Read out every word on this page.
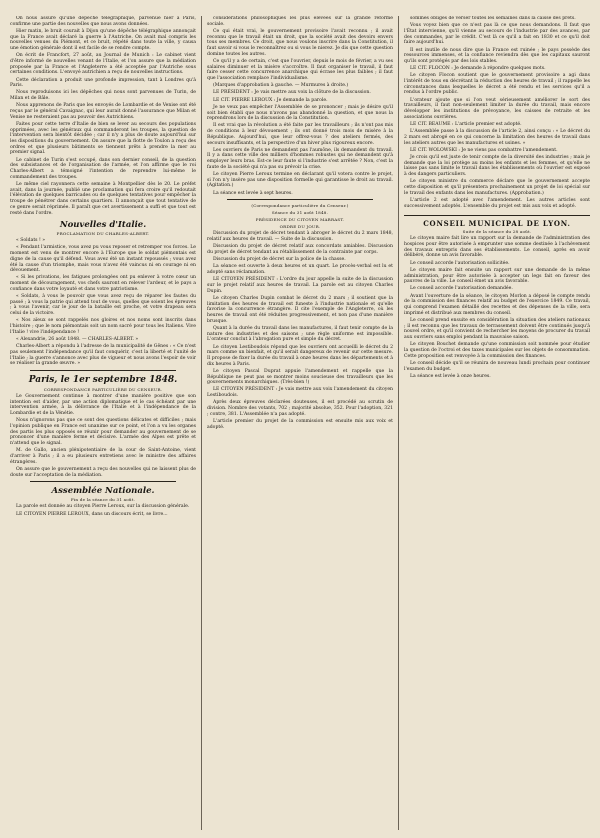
On nous assure qu'une dépêche télégraphique, parvenue hier à Paris, confirme une partie des nouvelles que nous avons données.

Hier matin, le bruit courait à Dijon qu'une dépêche télégraphique annonçait que la France avait déclaré la guerre à l'Autriche. On avait mal compris les nouvelles venues du Piémont, et ce bruit, répété dans toute la ville, y causa une émotion générale dont il est facile de se rendre compte.

On écrit de Francfort, 27 août, au Journal de Munich : Le cabinet vient d'être informé de nouvelles venant de l'Italie, et l'on assure que la médiation proposée par la France et l'Angleterre a été acceptée par l'Autriche sous certaines conditions. L'envoyé autrichien a reçu de nouvelles instructions.

Cette déclaration a produit une profonde impression, tant à Londres qu'à Paris.

Nous reproduisons ici les dépêches qui nous sont parvenues de Turin, de Milan et de Bâle.

Nous apprenons de Paris que les envoyés de Lombardie et de Venise ont été reçus par le général Cavaignac, qui leur aurait donné l'assurance que Milan et Venise ne resteraient pas au pouvoir des Autrichiens.

Faites pour cette terre d'Italie de bien se lever au secours des populations opprimées, avec les généraux qui commanderont les troupes, la question de l'intervention sera bientôt décidée ; car il n'y a plus de doute aujourd'hui sur les dispositions du gouvernement. On assure que la flotte de Toulon a reçu des ordres et que plusieurs bâtiments se tiennent prêts à prendre la mer au premier signal.

Le cabinet de Turin s'est occupé, dans son dernier conseil, de la question des subsistances et de l'organisation de l'armée, et l'on affirme que le roi Charles-Albert a témoigné l'intention de reprendre lui-même le commandement des troupes.

Le même ciel rayonnera cette semaine à Montpellier dès le 20. Le préfet avait, dans la journée, publié une proclamation qui fera croire qu'il redoutait l'élévation de quelques barricades ou de quelques tentatives pour empêcher la troupe de pénétrer dans certains quartiers. Il annonçait que tout tentative de ce genre serait réprimée. Il paraît que cet avertissement a suffi et que tout est resté dans l'ordre.

Nouvelles d'Italie.
PROCLAMATION DU CHARLES-ALBERT.

« Soldats ! »

« Pendant l'armistice, vous avez pu vous reposer et retremper vos forces. Le moment est venu de montrer encore à l'Europe que le soldat piémontais est digne de la cause qu'il défend. Vous avez été un instant repoussés ; vous avez été la cause d'un triomphe, mais vous n'avez été vaincus ni en courage ni en dévouement.

« Si les privations, les fatigues prolongées ont pu enlever à votre cœur un moment de découragement, vos chefs sauront en relever l'ardeur, et le pays a confiance dans votre loyauté et dans votre patriotisme.

« Soldats, à vous le pouvoir que vous avez reçu de réparer les fautes du passé ; à vous la patrie qui attend tout de vous, quelles que soient les épreuves ; à vous l'avenir, car le jour de la bataille est proche, et votre drapeau sera celui de la victoire.

« Nos aïeux se sont rappelés nos gloires et nos noms sont inscrits dans l'histoire ; que le nom piémontais soit un nom sacré pour tous les Italiens. Vive l'Italie ! vive l'indépendance !

« Alexandrie, 26 août 1848. — CHARLES-ALBERT. »

Charles-Albert a répondu à l'adresse de la municipalité de Gênes : « Ce n'est pas seulement l'indépendance qu'il faut conquérir, c'est la liberté et l'unité de l'Italie ; la guerre s'annonce avec plus de vigueur et nous avons l'espoir de voir se réaliser la grande œuvre. »

Paris, le 1er septembre 1848.
CORRESPONDANCE PARTICULIÈRE DU CENSEUR.

Le Gouvernement continue à montrer d'une manière positive que son intention est d'aider, par une action diplomatique et le cas échéant par une intervention armée, à la délivrance de l'Italie et à l'indépendance de la Lombardie et de la Vénétie.

Nous n'ignorons pas que ce sont des questions délicates et difficiles ; mais l'opinion publique en France est unanime sur ce point, et l'on a vu les organes des partis les plus opposés se réunir pour demander au gouvernement de se prononcer d'une manière ferme et décisive. L'armée des Alpes est prête et n'attend que le signal.

M. de Gallo, ancien plénipotentiaire de la cour de Saint-Antoine, vient d'arriver à Paris ; il a eu plusieurs entretiens avec le ministre des affaires étrangères.

On assure que le gouvernement a reçu des nouvelles qui ne laissent plus de doute sur l'acceptation de la médiation.

Assemblée Nationale.
Fin de la séance du 31 août.

La parole est donnée au citoyen Pierre Leroux, sur la discussion générale.

LE CITOYEN PIERRE LEROUX, dans un discours écrit, se livre...

considérations philosophiques les plus élevées sur la grande réforme sociale.

Ce qui était vrai, le gouvernement provisoire l'avait reconnu ; il avait reconnu que le travail était un droit, que la société avait des devoirs envers tous ses membres. Ce droit, que nous voulons inscrire dans la Constitution, il faut savoir si vous le reconnaîtrez ou si vous le nierez. Je dis que cette question domine toutes les autres.

Ce qu'il y a de certain, c'est que l'ouvrier, depuis le mois de février, a vu ses salaires diminuer et la misère s'accroître. Il faut organiser le travail, il faut faire cesser cette concurrence anarchique qui écrase les plus faibles ; il faut que l'association remplace l'individualisme.

(Marques d'approbation à gauche. — Murmures à droite.)

LE PRÉSIDENT : Je vais mettre aux voix la clôture de la discussion.

LE CIT. PIERRE LEROUX : Je demande la parole.

Je ne veux pas empêcher l'Assemblée de se prononcer ; mais je désire qu'il soit bien établi que nous n'avons pas abandonné la question, et que nous la reprendrons lors de la discussion de la Constitution.

Il est vrai que la révolution a été faite par les travailleurs ; ils n'ont pas mis de conditions à leur dévouement ; ils ont donné trois mois de misère à la République. Aujourd'hui, que leur offrez-vous ? des ateliers fermés, des secours insuffisants, et la perspective d'un hiver plus rigoureux encore.

Les ouvriers de Paris ne demandent pas l'aumône, ils demandent du travail. Il y a dans cette ville des milliers d'hommes robustes qui ne demandent qu'à employer leurs bras. Est-ce leur faute si l'industrie s'est arrêtée ? Non, c'est la faute de la société qui n'a pas su prévoir la crise.

Le citoyen Pierre Leroux termine en déclarant qu'il votera contre le projet, si l'on n'y insère pas une disposition formelle qui garantisse le droit au travail. (Agitation.)

La séance est levée à sept heures.

(Correspondance particulière du Censeur.)
Séance du 31 août 1848.
PRÉSIDENCE DU CITOYEN MARRAST.
ORDRE DU JOUR.

Discussion du projet de décret tendant à abroger le décret du 2 mars 1848, relatif aux heures de travail. — Suite de la discussion.

Discussion du projet de décret relatif aux concordats amiables. Discussion du projet de décret tendant au rétablissement de la contrainte par corps.

Discussion du projet de décret sur la police de la chasse.

La séance est ouverte à deux heures et un quart. Le procès-verbal est lu et adopté sans réclamation.

LE CITOYEN PRÉSIDENT : L'ordre du jour appelle la suite de la discussion sur le projet relatif aux heures de travail. La parole est au citoyen Charles Dupin.

Le citoyen Charles Dupin combat le décret du 2 mars ; il soutient que la limitation des heures de travail est funeste à l'industrie nationale et qu'elle favorise la concurrence étrangère. Il cite l'exemple de l'Angleterre, où les heures de travail ont été réduites progressivement, et non pas d'une manière brusque.

Quant à la durée du travail dans les manufactures, il faut tenir compte de la nature des industries et des saisons ; une règle uniforme est impossible. L'orateur conclut à l'abrogation pure et simple du décret.

Le citoyen Lestiboudois répond que les ouvriers ont accueilli le décret du 2 mars comme un bienfait, et qu'il serait dangereux de revenir sur cette mesure. Il propose de fixer la durée du travail à onze heures dans les départements et à dix heures à Paris.

Le citoyen Pascal Duprat appuie l'amendement et rappelle que la République ne peut pas se montrer moins soucieuse des travailleurs que les gouvernements monarchiques. (Très-bien !)

LE CITOYEN PRÉSIDENT : Je vais mettre aux voix l'amendement du citoyen Lestiboudois.

Après deux épreuves déclarées douteuses, il est procédé au scrutin de division. Nombre des votants, 702 ; majorité absolue, 352. Pour l'adoption, 321 ; contre, 381. L'Assemblée n'a pas adopté.

L'article premier du projet de la commission est ensuite mis aux voix et adopté.

sommes obligés de verser toutes les semaines dans la caisse des prêts.

Vous voyez bien que ce n'est pas là ce que nous demandons. Il faut que l'État intervienne, qu'il vienne au secours de l'industrie par des avances, par des commandes, par le crédit. C'est là ce qu'il a fait en 1830 et ce qu'il doit faire aujourd'hui.

Il est inutile de nous dire que la France est ruinée ; le pays possède des ressources immenses, et la confiance reviendra dès que les capitaux sauront qu'ils sont protégés par des lois stables.

LE CIT. FLOCON : Je demande à répondre quelques mots.

Le citoyen Flocon soutient que le gouvernement provisoire a agi dans l'intérêt de tous en décrétant la réduction des heures de travail ; il rappelle les circonstances dans lesquelles le décret a été rendu et les services qu'il a rendus à l'ordre public.

L'orateur ajoute que si l'on veut sérieusement améliorer le sort des travailleurs, il faut non-seulement limiter la durée du travail, mais encore développer les institutions de prévoyance, les caisses de retraite et les associations ouvrières.

LE CIT. BEAUME : L'article premier est adopté.

L'Assemblée passe à la discussion de l'article 2, ainsi conçu : « Le décret du 2 mars est abrogé en ce qui concerne la limitation des heures de travail dans les ateliers autres que les manufactures et usines. »

LE CIT. WOLOWSKI : Je ne viens pas combattre l'amendement.

Je crois qu'il est juste de tenir compte de la diversité des industries ; mais je demande que la loi protège au moins les enfants et les femmes, et qu'elle ne laisse pas sans limite le travail dans les établissements où l'ouvrier est exposé à des dangers particuliers.

Le citoyen ministre du commerce déclare que le gouvernement accepte cette disposition et qu'il présentera prochainement un projet de loi spécial sur le travail des enfants dans les manufactures. (Approbation.)

L'article 2 est adopté avec l'amendement. Les autres articles sont successivement adoptés. L'ensemble du projet est mis aux voix et adopté.

CONSEIL MUNICIPAL DE LYON.
Suite de la séance du 28 août.

Le citoyen maire fait lire un rapport sur la demande de l'administration des hospices pour être autorisée à emprunter une somme destinée à l'achèvement des travaux entrepris dans ses établissements. Le conseil, après en avoir délibéré, donne un avis favorable.

Le conseil accorde l'autorisation sollicitée.

Le citoyen maire fait ensuite un rapport sur une demande de la même administration, pour être autorisée à accepter un legs fait en faveur des pauvres de la ville. Le conseil émet un avis favorable.

Le conseil accorde l'autorisation demandée.

Avant l'ouverture de la séance, le citoyen Morlon a déposé le compte rendu de la commission des finances relatif au budget de l'exercice 1849. Ce travail, qui comprend l'examen détaillé des recettes et des dépenses de la ville, sera imprimé et distribué aux membres du conseil.

Le conseil prend ensuite en considération la situation des ateliers nationaux ; il est reconnu que les travaux de terrassement doivent être continués jusqu'à nouvel ordre, et qu'il convient de rechercher les moyens de procurer du travail aux ouvriers sans emploi pendant la mauvaise saison.

Le citoyen Bouchet demande qu'une commission soit nommée pour étudier la question de l'octroi et des taxes municipales sur les objets de consommation. Cette proposition est renvoyée à la commission des finances.

Le conseil décide qu'il se réunira de nouveau lundi prochain pour continuer l'examen du budget.

La séance est levée à onze heures.
